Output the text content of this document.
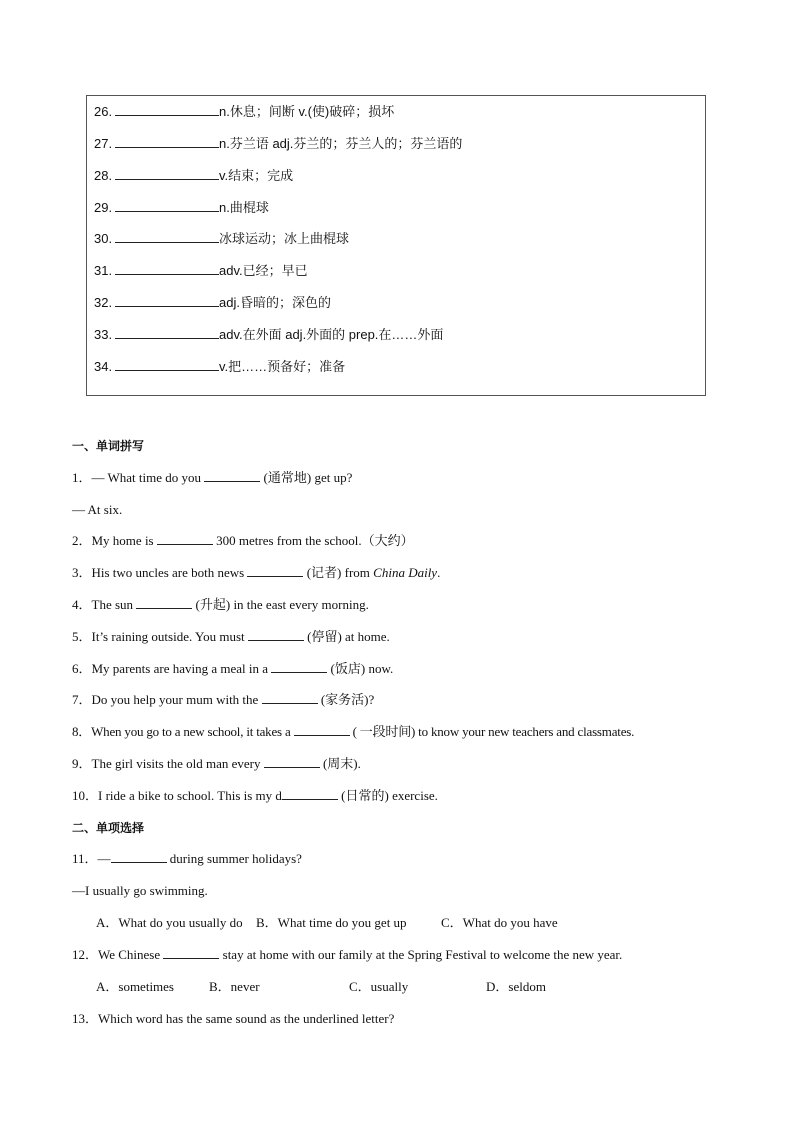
26.	n.休息；间断 v.(使)破碎；损坏
27.	n.芬兰语 adj.芬兰的；芬兰人的；芬兰语的
28.	v.结束；完成
29.	n.曲棍球
30.	冰球运动；冰上曲棍球
31.	adv.已经；早已
32.	adj.昏暗的；深色的
33.	adv.在外面 adj.外面的 prep.在……外面
34.	v.把……预备好；准备
一、单词拼写
1．— What time do you	(通常地) get up?
— At six.
2．My home is	300 metres from the school.（大约）
3．His two uncles are both news	(记者) from China Daily.
4．The sun	(升起) in the east every morning.
5．It’s raining outside. You must	(停留) at home.
6．My parents are having a meal in a	(饭店) now.
7．Do you help your mum with the	(家务活)?
8．When you go to a new school, it takes a	( 一段时间) to know your new teachers and classmates.
9．The girl visits the old man every	(周末).
10．I ride a bike to school. This is my d	(日常的) exercise.
二、单项选择
11．—	during summer holidays?
—I usually go swimming.
A．What do you usually do B．What time do you get up	C．What do you have
12．We Chinese	stay at home with our family at the Spring Festival to welcome the new year.
A．sometimes	B．never	C．usually	D．seldom
13．Which word has the same sound as the underlined letter?
